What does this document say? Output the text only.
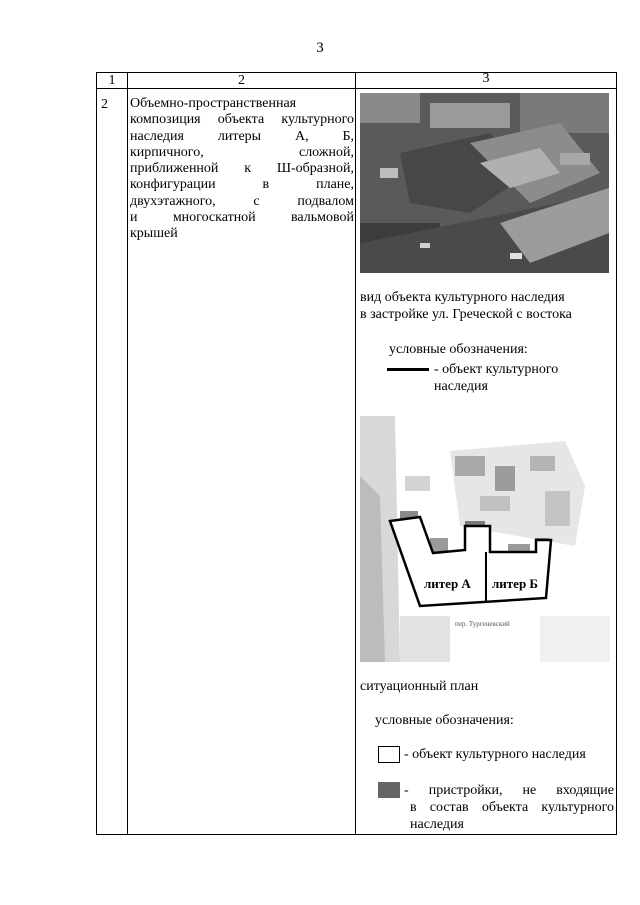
3
1	2	3
2 Объемно-пространственная
композиция объекта культурного
наследия литеры А, Б,
кирпичного, сложной,
приближенной к Ш-образной,
конфигурации в плане,
двухэтажного, с подвалом
и многоскатной вальмовой
крышей
вид объекта культурного наследия
в застройке ул. Греческой с востока
условные обозначения:
- объект культурного
наследия
литер А литер Б
пер. Тургеневский
ситуационный план
условные обозначения:
- объект культурного наследия
- пристройки, не входящие
в состав объекта культурного
наследия
